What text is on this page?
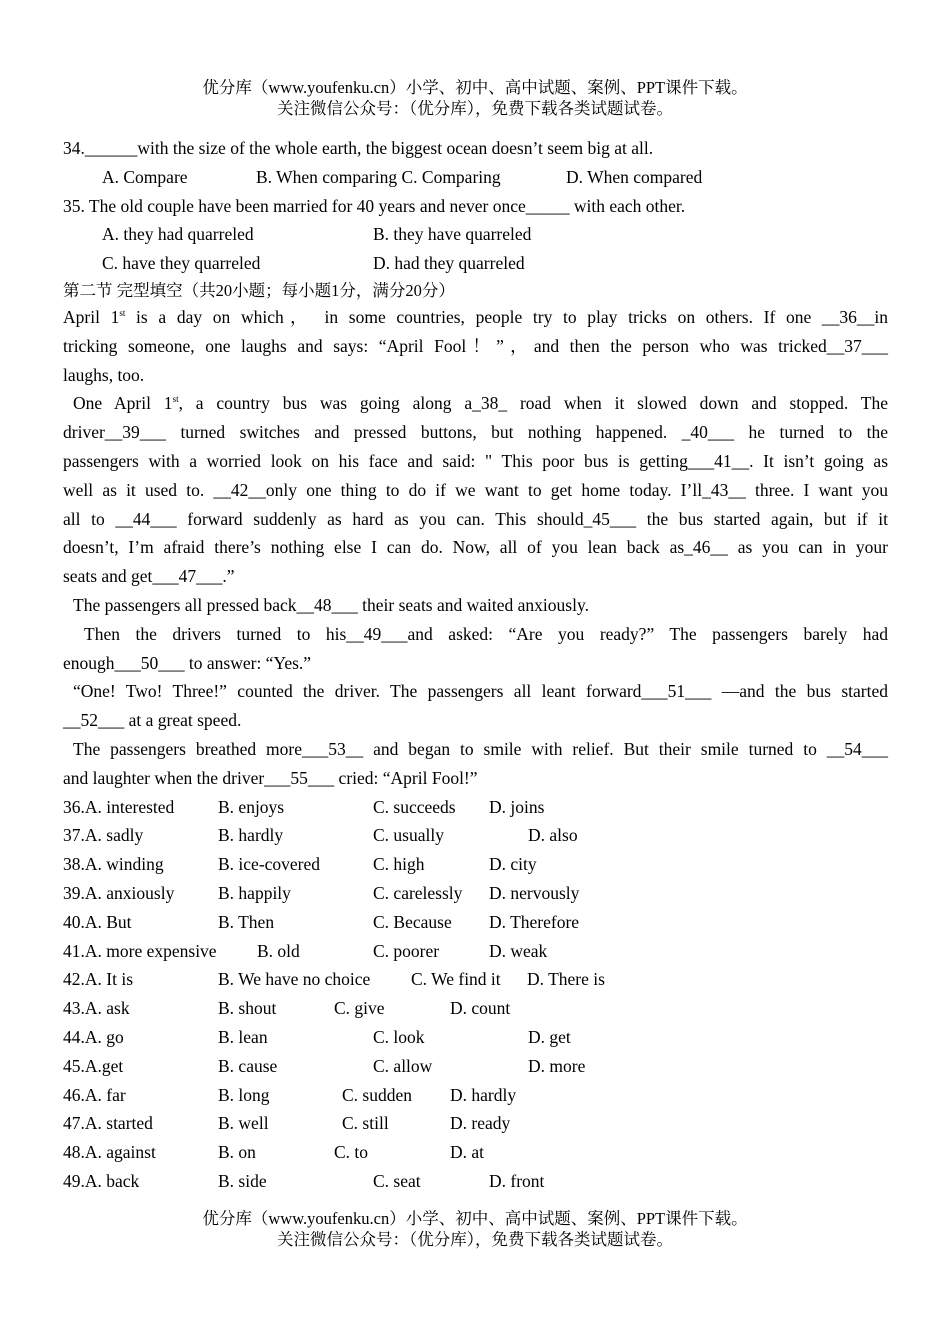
优分库（www.youfenku.cn）小学、初中、高中试题、案例、PPT课件下载。
关注微信公众号：（优分库），免费下载各类试题试卷。
34.______with the size of the whole earth, the biggest ocean doesn’t seem big at all.
A. Compare	B. When comparing C. Comparing	D. When compared
35. The old couple have been married for 40 years and never once_____ with each other.
A. they had quarreled	B. they have quarreled
C. have they quarreled	D. had they quarreled
第二节 完型填空（共20小题；每小题1分，满分20分）
April 1st is a day on which， in some countries, people try to play tricks on others. If one __36__in
tricking someone, one laughs and says: “April Fool！”，and then the person who was tricked__37___
laughs, too.
One April 1st, a country bus was going along a_38_ road when it slowed down and stopped. The
driver__39___ turned switches and pressed buttons, but nothing happened. _40___ he turned to the
passengers with a worried look on his face and said: " This poor bus is getting___41__. It isn’t going as
well as it used to. __42__only one thing to do if we want to get home today. I’ll_43__ three. I want you
all to __44___ forward suddenly as hard as you can. This should_45___ the bus started again, but if it
doesn’t, I’m afraid there’s nothing else I can do. Now, all of you lean back as_46__ as you can in your
seats and get___47___.”
The passengers all pressed back__48___ their seats and waited anxiously.
Then the drivers turned to his__49___and asked: “Are you ready?” The passengers barely had
enough___50___ to answer: “Yes.”
“One! Two! Three!” counted the driver. The passengers all leant forward___51___ —and the bus started
__52___ at a great speed.
The passengers breathed more___53__ and began to smile with relief. But their smile turned to __54___
and laughter when the driver___55___ cried: “April Fool!”
36.A. interested B. enjoys	C. succeeds D. joins
37.A. sadly	B. hardly	C. usually	D. also
38.A. winding	B. ice-covered	C. high	D. city
39.A. anxiously B. happily	C. carelessly D. nervously
40.A. But	B. Then	C. Because D. Therefore
41.A. more expensive B. old	C. poorer	D. weak
42.A. It is	B. We have no choice C. We find it D. There is
43.A. ask	B. shout	C. give	D. count
44.A. go	B. lean	C. look	D. get
45.A.get	B. cause	C. allow	D. more
46.A. far	B. long	C. sudden D. hardly
47.A. started	B. well	C. still	D. ready
48.A. against	B. on	C. to	D. at
49.A. back	B. side	C. seat	D. front
优分库（www.youfenku.cn）小学、初中、高中试题、案例、PPT课件下载。
关注微信公众号：（优分库），免费下载各类试题试卷。
